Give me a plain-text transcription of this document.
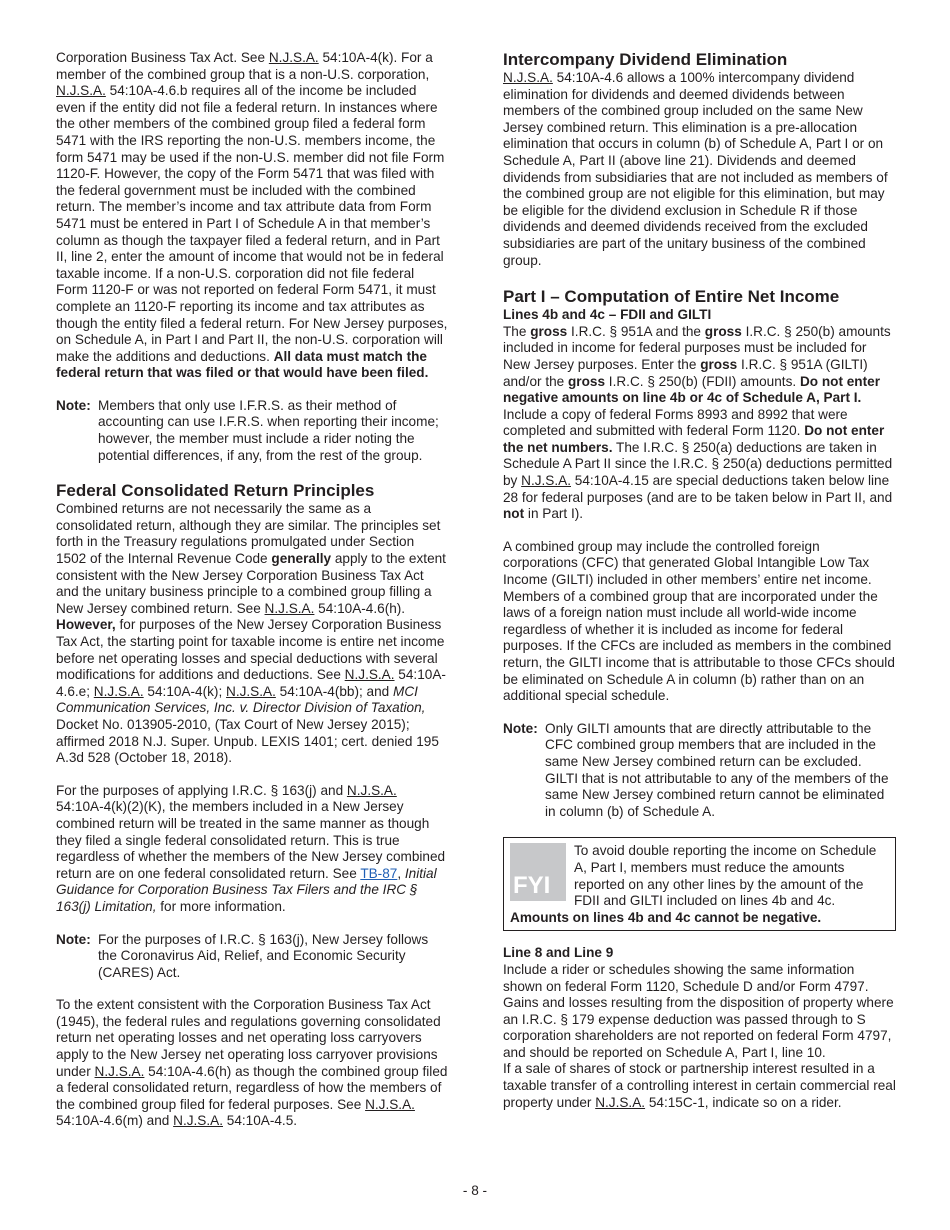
Corporation Business Tax Act. See N.J.S.A. 54:10A-4(k). For a member of the combined group that is a non-U.S. corporation, N.J.S.A. 54:10A-4.6.b requires all of the income be included even if the entity did not file a federal return. In instances where the other members of the combined group filed a federal form 5471 with the IRS reporting the non-U.S. members income, the form 5471 may be used if the non-U.S. member did not file Form 1120-F. However, the copy of the Form 5471 that was filed with the federal government must be included with the combined return. The member’s income and tax attribute data from Form 5471 must be entered in Part I of Schedule A in that member’s column as though the taxpayer filed a federal return, and in Part II, line 2, enter the amount of income that would not be in federal taxable income. If a non-U.S. corporation did not file federal Form 1120-F or was not reported on federal Form 5471, it must complete an 1120-F reporting its income and tax attributes as though the entity filed a federal return. For New Jersey purposes, on Schedule A, in Part I and Part II, the non-U.S. corporation will make the additions and deductions. All data must match the federal return that was filed or that would have been filed.

Note: Members that only use I.F.R.S. as their method of accounting can use I.F.R.S. when reporting their income; however, the member must include a rider noting the potential differences, if any, from the rest of the group.
Federal Consolidated Return Principles

Combined returns are not necessarily the same as a consolidated return, although they are similar. The principles set forth in the Treasury regulations promulgated under Section 1502 of the Internal Revenue Code generally apply to the extent consistent with the New Jersey Corporation Business Tax Act and the unitary business principle to a combined group filling a New Jersey combined return. See N.J.S.A. 54:10A-4.6(h). However, for purposes of the New Jersey Corporation Business Tax Act, the starting point for taxable income is entire net income before net operating losses and special deductions with several modifications for additions and deductions. See N.J.S.A. 54:10A-4.6.e; N.J.S.A. 54:10A-4(k); N.J.S.A. 54:10A-4(bb); and MCI Communication Services, Inc. v. Director Division of Taxation, Docket No. 013905-2010, (Tax Court of New Jersey 2015); affirmed 2018 N.J. Super. Unpub. LEXIS 1401; cert. denied 195 A.3d 528 (October 18, 2018).

For the purposes of applying I.R.C. § 163(j) and N.J.S.A. 54:10A-4(k)(2)(K), the members included in a New Jersey combined return will be treated in the same manner as though they filed a single federal consolidated return. This is true regardless of whether the members of the New Jersey combined return are on one federal consolidated return. See TB-87, Initial Guidance for Corporation Business Tax Filers and the IRC § 163(j) Limitation, for more information.

Note: For the purposes of I.R.C. § 163(j), New Jersey follows the Coronavirus Aid, Relief, and Economic Security (CARES) Act.

To the extent consistent with the Corporation Business Tax Act (1945), the federal rules and regulations governing consolidated return net operating losses and net operating loss carryovers apply to the New Jersey net operating loss carryover provisions under N.J.S.A. 54:10A-4.6(h) as though the combined group filed a federal consolidated return, regardless of how the members of the combined group filed for federal purposes. See N.J.S.A. 54:10A-4.6(m) and N.J.S.A. 54:10A-4.5.

Intercompany Dividend Elimination

N.J.S.A. 54:10A-4.6 allows a 100% intercompany dividend elimination for dividends and deemed dividends between members of the combined group included on the same New Jersey combined return. This elimination is a pre-allocation elimination that occurs in column (b) of Schedule A, Part I or on Schedule A, Part II (above line 21). Dividends and deemed dividends from subsidiaries that are not included as members of the combined group are not eligible for this elimination, but may be eligible for the dividend exclusion in Schedule R if those dividends and deemed dividends received from the excluded subsidiaries are part of the unitary business of the combined group.

Part I – Computation of Entire Net Income
Lines 4b and 4c – FDII and GILTI

The gross I.R.C. § 951A and the gross I.R.C. § 250(b) amounts included in income for federal purposes must be included for New Jersey purposes. Enter the gross I.R.C. § 951A (GILTI) and/or the gross I.R.C. § 250(b) (FDII) amounts. Do not enter negative amounts on line 4b or 4c of Schedule A, Part I. Include a copy of federal Forms 8993 and 8992 that were completed and submitted with federal Form 1120. Do not enter the net numbers. The I.R.C. § 250(a) deductions are taken in Schedule A Part II since the I.R.C. § 250(a) deductions permitted by N.J.S.A. 54:10A-4.15 are special deductions taken below line 28 for federal purposes (and are to be taken below in Part II, and not in Part I).

A combined group may include the controlled foreign corporations (CFC) that generated Global Intangible Low Tax Income (GILTI) included in other members’ entire net income. Members of a combined group that are incorporated under the laws of a foreign nation must include all world-wide income regardless of whether it is included as income for federal purposes. If the CFCs are included as members in the combined return, the GILTI income that is attributable to those CFCs should be eliminated on Schedule A in column (b) rather than on an additional special schedule.

Note: Only GILTI amounts that are directly attributable to the CFC combined group members that are included in the same New Jersey combined return can be excluded. GILTI that is not attributable to any of the members of the same New Jersey combined return cannot be eliminated in column (b) of Schedule A.
FYI
To avoid double reporting the income on Schedule A, Part I, members must reduce the amounts reported on any other lines by the amount of the FDII and GILTI included on lines 4b and 4c.
Amounts on lines 4b and 4c cannot be negative.
Line 8 and Line 9

Include a rider or schedules showing the same information shown on federal Form 1120, Schedule D and/or Form 4797. Gains and losses resulting from the disposition of property where an I.R.C. § 179 expense deduction was passed through to S corporation shareholders are not reported on federal Form 4797, and should be reported on Schedule A, Part I, line 10.

If a sale of shares of stock or partnership interest resulted in a taxable transfer of a controlling interest in certain commercial real property under N.J.S.A. 54:15C-1, indicate so on a rider.

- 8 -
